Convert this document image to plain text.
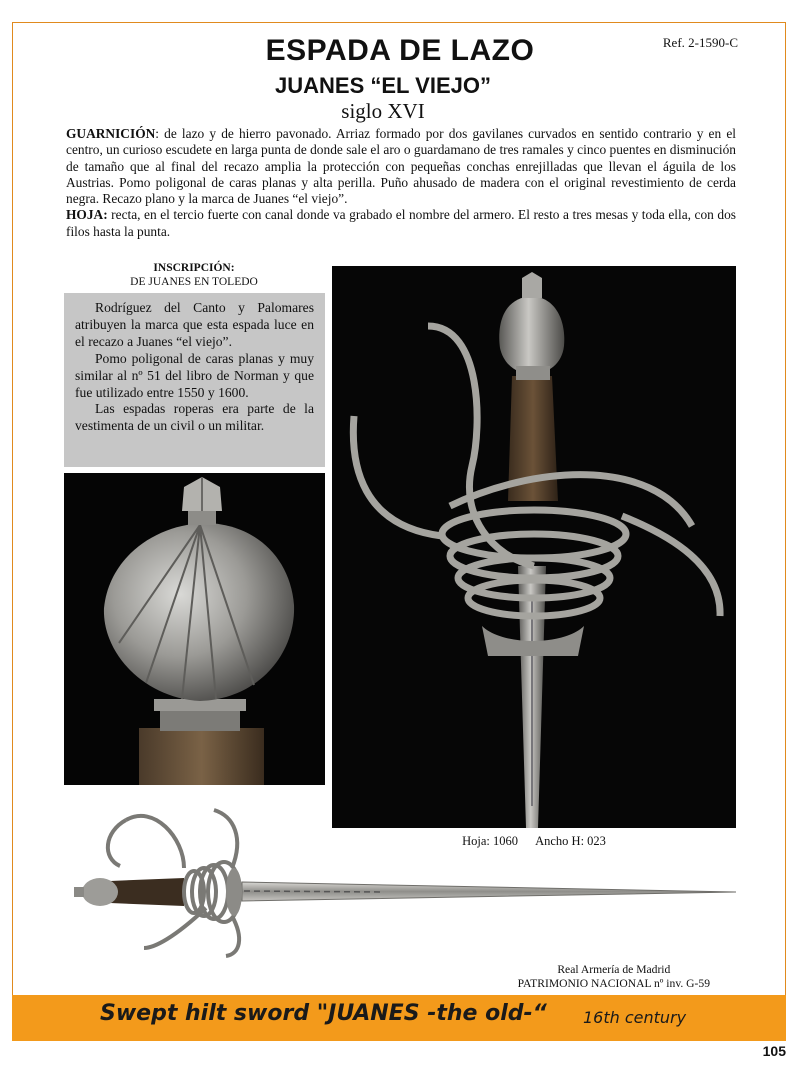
Ref. 2-1590-C
ESPADA DE LAZO
JUANES “EL VIEJO”
siglo XVI

GUARNICIÓN: de lazo y de hierro pavonado. Arriaz formado por dos gavilanes curvados en sentido contrario y en el centro, un curioso escudete en larga punta de donde sale el aro o guardamano de tres ramales y cinco puentes en disminución de tamaño que al final del recazo amplia la protección con pequeñas conchas enrejilladas que llevan el águila de los Austrias. Pomo poligonal de caras planas y alta perilla. Puño ahusado de madera con el original revestimiento de cerda negra. Recazo plano y la marca de Juanes “el viejo”.

HOJA: recta, en el tercio fuerte con canal donde va grabado el nombre del armero. El resto a tres mesas y toda ella, con dos filos hasta la punta.

INSCRIPCIÓN:
DE JUANES EN TOLEDO

Rodríguez del Canto y Palomares atribuyen la marca que esta espada luce en el recazo a Juanes “el viejo”.

Pomo poligonal de caras planas y muy similar al nº 51 del libro de Norman y que fue utilizado entre 1550 y 1600.

Las espadas roperas era parte de la vestimenta de un civil o un militar.

Hoja: 1060 Ancho H: 023
Real Armería de Madrid
PATRIMONIO NACIONAL nº inv. G-59
Swept hilt sword "JUANES -the old-“ 16th century
105
